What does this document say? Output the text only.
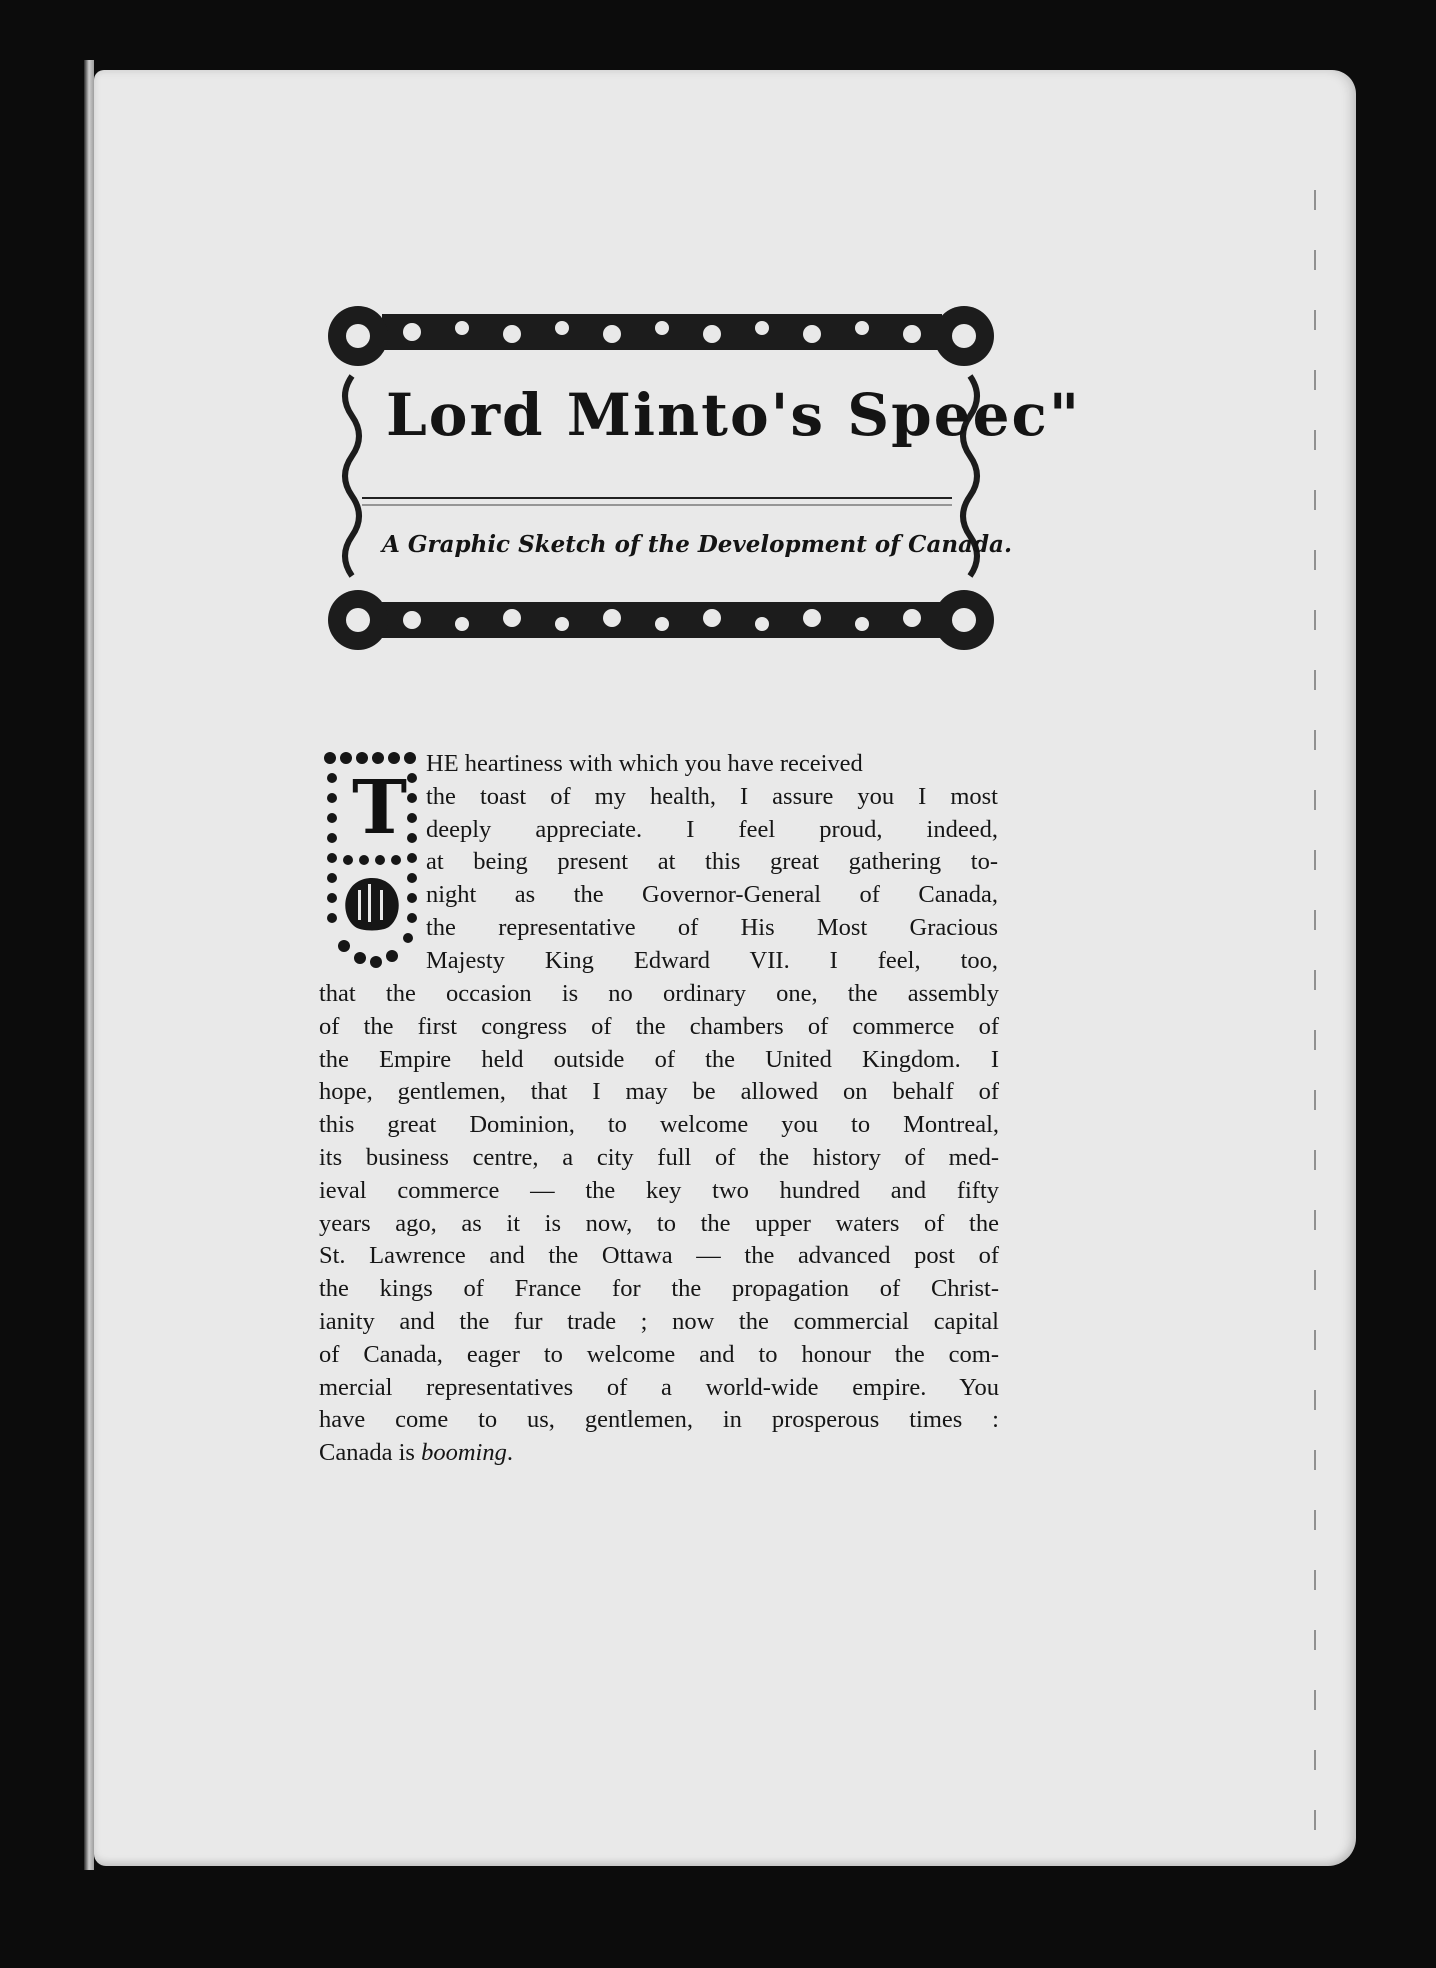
Lord Minto's Speec"
A Graphic Sketch of the Development of Canada.
T
HE heartiness with which you have received
the toast of my health, I assure you I most
deeply appreciate. I feel proud, indeed,
at being present at this great gathering to-
night as the Governor-General of Canada,
the representative of His Most Gracious
Majesty King Edward VII. I feel, too,
that the occasion is no ordinary one, the assembly
of the first congress of the chambers of commerce of
the Empire held outside of the United Kingdom. I
hope, gentlemen, that I may be allowed on behalf of
this great Dominion, to welcome you to Montreal,
its business centre, a city full of the history of med-
ieval commerce — the key two hundred and fifty
years ago, as it is now, to the upper waters of the
St. Lawrence and the Ottawa — the advanced post of
the kings of France for the propagation of Christ-
ianity and the fur trade ; now the commercial capital
of Canada, eager to welcome and to honour the com-
mercial representatives of a world-wide empire. You
have come to us, gentlemen, in prosperous times :
Canada is booming.
